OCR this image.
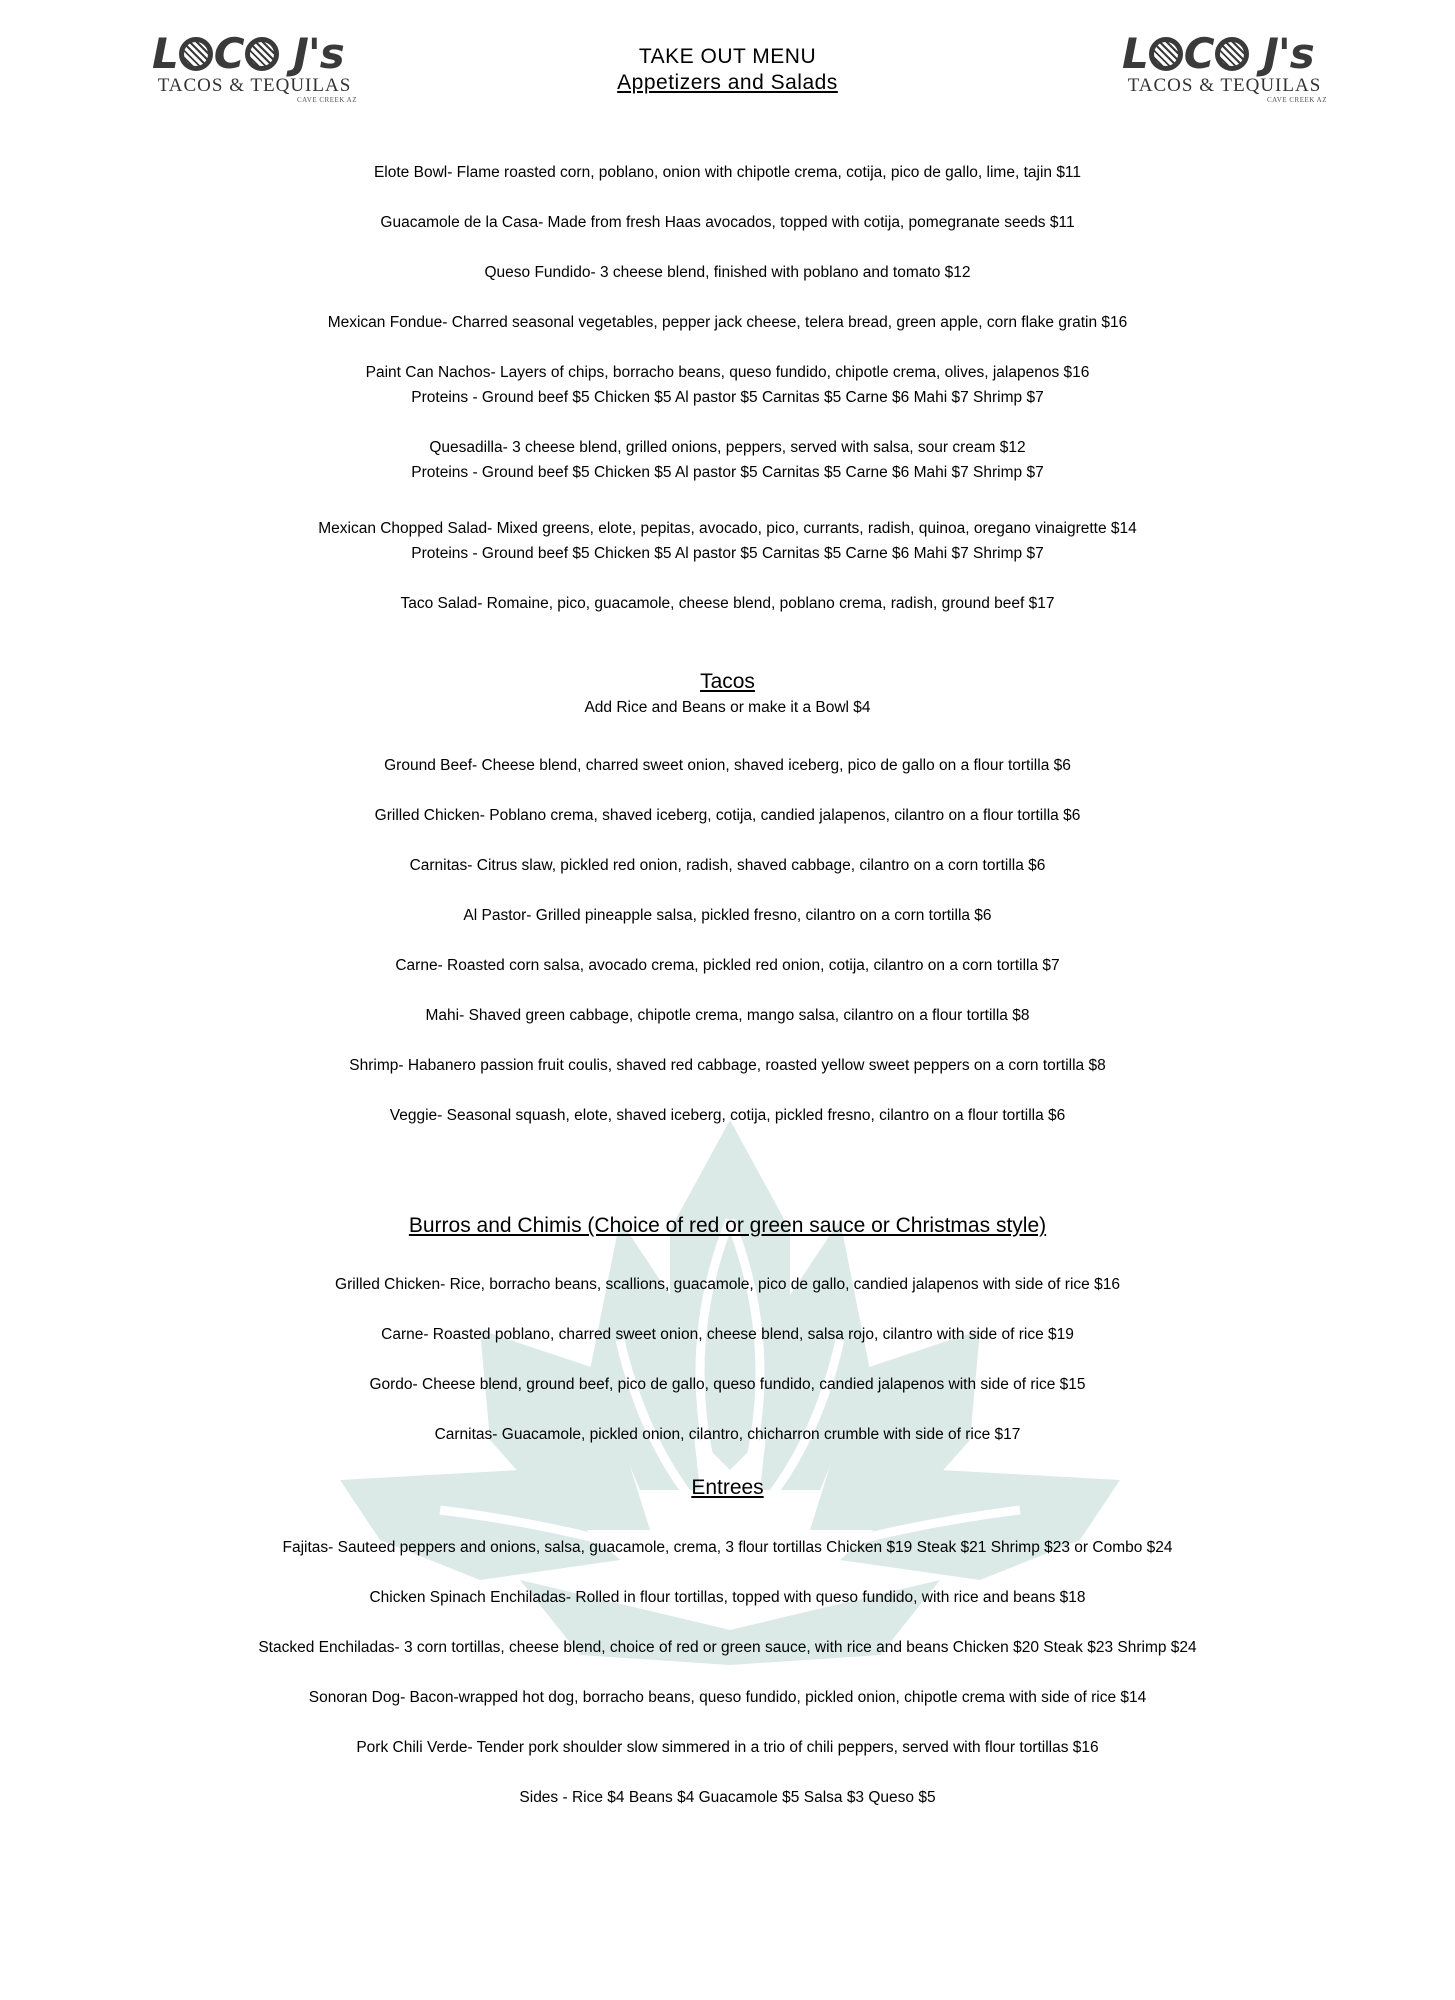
L C J's
TACOS & TEQUILAS
CAVE CREEK AZ
L C J's
TACOS & TEQUILAS
CAVE CREEK AZ
TAKE OUT MENU
Appetizers and Salads
Elote Bowl- Flame roasted corn, poblano, onion with chipotle crema, cotija, pico de gallo, lime, tajin $11
Guacamole de la Casa- Made from fresh Haas avocados, topped with cotija, pomegranate seeds $11
Queso Fundido- 3 cheese blend, finished with poblano and tomato $12
Mexican Fondue- Charred seasonal vegetables, pepper jack cheese, telera bread, green apple, corn flake gratin $16
Paint Can Nachos- Layers of chips, borracho beans, queso fundido, chipotle crema, olives, jalapenos $16
Proteins - Ground beef $5 Chicken $5 Al pastor $5 Carnitas $5 Carne $6 Mahi $7 Shrimp $7
Quesadilla- 3 cheese blend, grilled onions, peppers, served with salsa, sour cream $12
Proteins - Ground beef $5 Chicken $5 Al pastor $5 Carnitas $5 Carne $6 Mahi $7 Shrimp $7
Mexican Chopped Salad- Mixed greens, elote, pepitas, avocado, pico, currants, radish, quinoa, oregano vinaigrette $14
Proteins - Ground beef $5 Chicken $5 Al pastor $5 Carnitas $5 Carne $6 Mahi $7 Shrimp $7
Taco Salad- Romaine, pico, guacamole, cheese blend, poblano crema, radish, ground beef $17
Tacos
Add Rice and Beans or make it a Bowl $4
Ground Beef- Cheese blend, charred sweet onion, shaved iceberg, pico de gallo on a flour tortilla $6
Grilled Chicken- Poblano crema, shaved iceberg, cotija, candied jalapenos, cilantro on a flour tortilla $6
Carnitas- Citrus slaw, pickled red onion, radish, shaved cabbage, cilantro on a corn tortilla $6
Al Pastor- Grilled pineapple salsa, pickled fresno, cilantro on a corn tortilla $6
Carne- Roasted corn salsa, avocado crema, pickled red onion, cotija, cilantro on a corn tortilla $7
Mahi- Shaved green cabbage, chipotle crema, mango salsa, cilantro on a flour tortilla $8
Shrimp- Habanero passion fruit coulis, shaved red cabbage, roasted yellow sweet peppers on a corn tortilla $8
Veggie- Seasonal squash, elote, shaved iceberg, cotija, pickled fresno, cilantro on a flour tortilla $6
Burros and Chimis (Choice of red or green sauce or Christmas style)
Grilled Chicken- Rice, borracho beans, scallions, guacamole, pico de gallo, candied jalapenos with side of rice $16
Carne- Roasted poblano, charred sweet onion, cheese blend, salsa rojo, cilantro with side of rice $19
Gordo- Cheese blend, ground beef, pico de gallo, queso fundido, candied jalapenos with side of rice $15
Carnitas- Guacamole, pickled onion, cilantro, chicharron crumble with side of rice $17
Entrees
Fajitas- Sauteed peppers and onions, salsa, guacamole, crema, 3 flour tortillas Chicken $19 Steak $21 Shrimp $23 or Combo $24
Chicken Spinach Enchiladas- Rolled in flour tortillas, topped with queso fundido, with rice and beans $18
Stacked Enchiladas- 3 corn tortillas, cheese blend, choice of red or green sauce, with rice and beans Chicken $20 Steak $23 Shrimp $24
Sonoran Dog- Bacon-wrapped hot dog, borracho beans, queso fundido, pickled onion, chipotle crema with side of rice $14
Pork Chili Verde- Tender pork shoulder slow simmered in a trio of chili peppers, served with flour tortillas $16
Sides - Rice $4 Beans $4 Guacamole $5 Salsa $3 Queso $5
